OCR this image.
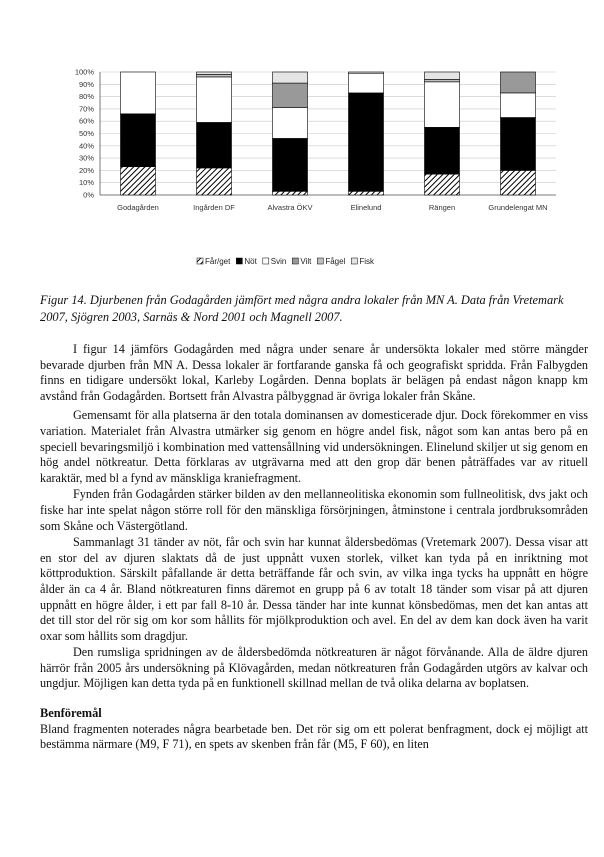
0%
10%
20%
30%
40%
50%
60%
70%
80%
90%
100%
Godagården	Ingården DF	Alvastra ÖKV	Elinelund	Rängen	Grundelengat MN
Får/get Nöt Svin Vilt Fågel Fisk
Figur 14. Djurbenen från Godagården jämfört med några andra lokaler från MN A. Data från Vretemark 2007, Sjögren 2003, Sarnäs & Nord 2001 och Magnell 2007.

I figur 14 jämförs Godagården med några under senare år undersökta lokaler med större mängder bevarade djurben från MN A. Dessa lokaler är fortfarande ganska få och geografiskt spridda. Från Falbygden finns en tidigare undersökt lokal, Karleby Logården. Denna boplats är belägen på endast någon knapp km avstånd från Godagården. Bortsett från Alvastra pålbyggnad är övriga lokaler från Skåne.

Gemensamt för alla platserna är den totala dominansen av domesticerade djur. Dock förekommer en viss variation. Materialet från Alvastra utmärker sig genom en högre andel fisk, något som kan antas bero på en speciell bevaringsmiljö i kombination med vattensållning vid undersökningen. Elinelund skiljer ut sig genom en hög andel nötkreatur. Detta förklaras av utgrävarna med att den grop där benen påträffades var av rituell karaktär, med bl a fynd av mänskliga kraniefragment.

Fynden från Godagården stärker bilden av den mellanneolitiska ekonomin som fullneolitisk, dvs jakt och fiske har inte spelat någon större roll för den mänskliga försörjningen, åtminstone i centrala jordbruksområden som Skåne och Västergötland.

Sammanlagt 31 tänder av nöt, får och svin har kunnat åldersbedömas (Vretemark 2007). Dessa visar att en stor del av djuren slaktats då de just uppnått vuxen storlek, vilket kan tyda på en inriktning mot köttproduktion. Särskilt påfallande är detta beträffande får och svin, av vilka inga tycks ha uppnått en högre ålder än ca 4 år. Bland nötkreaturen finns däremot en grupp på 6 av totalt 18 tänder som visar på att djuren uppnått en högre ålder, i ett par fall 8-10 år. Dessa tänder har inte kunnat könsbedömas, men det kan antas att det till stor del rör sig om kor som hållits för mjölkproduktion och avel. En del av dem kan dock även ha varit oxar som hållits som dragdjur.

Den rumsliga spridningen av de åldersbedömda nötkreaturen är något förvånande. Alla de äldre djuren härrör från 2005 års undersökning på Klövagården, medan nötkreaturen från Godagården utgörs av kalvar och ungdjur. Möjligen kan detta tyda på en funktionell skillnad mellan de två olika delarna av boplatsen.

Benföremål

Bland fragmenten noterades några bearbetade ben. Det rör sig om ett polerat benfragment, dock ej möjligt att bestämma närmare (M9, F 71), en spets av skenben från får (M5, F 60), en liten
